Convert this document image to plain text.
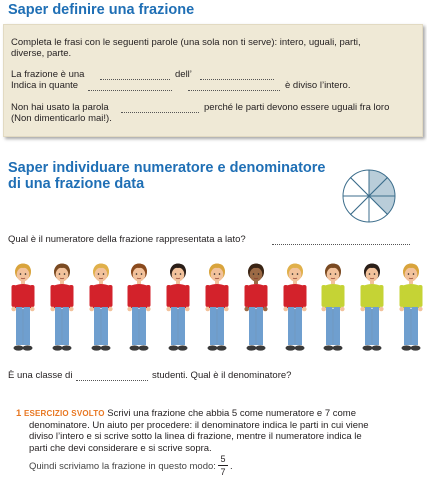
Saper definire una frazione
Completa le frasi con le seguenti parole (una sola non ti serve): intero, uguali, parti,
diverse, parte.
La frazione è una	dell’
Indica in quante	è diviso l’intero.
Non hai usato la parola	perché le parti devono essere uguali fra loro
(Non dimenticarlo mai!).
Saper individuare numeratore e denominatore
di una frazione data
Qual è il numeratore della frazione rappresentata a lato?
È una classe di	studenti. Qual è il denominatore?
1 ESERCIZIO SVOLTO Scrivi una frazione che abbia 5 come numeratore e 7 come
denominatore. Un aiuto per procedere: il denominatore indica le parti in cui viene
diviso l’intero e si scrive sotto la linea di frazione, mentre il numeratore indica le
parti che devi considerare e si scrive sopra.
Quindi scriviamo la frazione in questo modo:
5
7 .
